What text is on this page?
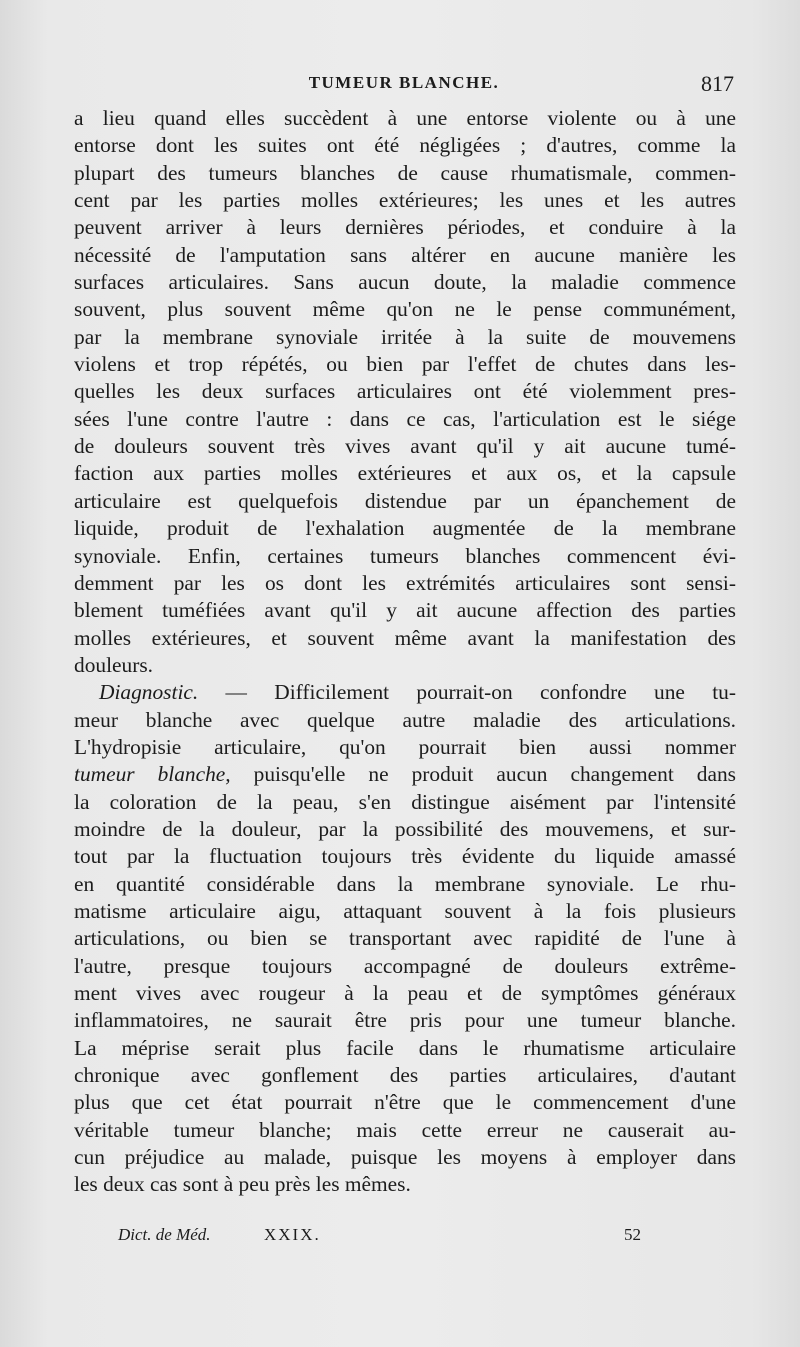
TUMEUR BLANCHE.	817
a lieu quand elles succèdent à une entorse violente ou à une
entorse dont les suites ont été négligées ; d'autres, comme la
plupart des tumeurs blanches de cause rhumatismale, commen-
cent par les parties molles extérieures; les unes et les autres
peuvent arriver à leurs dernières périodes, et conduire à la
nécessité de l'amputation sans altérer en aucune manière les
surfaces articulaires. Sans aucun doute, la maladie commence
souvent, plus souvent même qu'on ne le pense communément,
par la membrane synoviale irritée à la suite de mouvemens
violens et trop répétés, ou bien par l'effet de chutes dans les-
quelles les deux surfaces articulaires ont été violemment pres-
sées l'une contre l'autre : dans ce cas, l'articulation est le siége
de douleurs souvent très vives avant qu'il y ait aucune tumé-
faction aux parties molles extérieures et aux os, et la capsule
articulaire est quelquefois distendue par un épanchement de
liquide, produit de l'exhalation augmentée de la membrane
synoviale. Enfin, certaines tumeurs blanches commencent évi-
demment par les os dont les extrémités articulaires sont sensi-
blement tuméfiées avant qu'il y ait aucune affection des parties
molles extérieures, et souvent même avant la manifestation des
douleurs.
Diagnostic. — Difficilement pourrait-on confondre une tu-
meur blanche avec quelque autre maladie des articulations.
L'hydropisie articulaire, qu'on pourrait bien aussi nommer
tumeur blanche, puisqu'elle ne produit aucun changement dans
la coloration de la peau, s'en distingue aisément par l'intensité
moindre de la douleur, par la possibilité des mouvemens, et sur-
tout par la fluctuation toujours très évidente du liquide amassé
en quantité considérable dans la membrane synoviale. Le rhu-
matisme articulaire aigu, attaquant souvent à la fois plusieurs
articulations, ou bien se transportant avec rapidité de l'une à
l'autre, presque toujours accompagné de douleurs extrême-
ment vives avec rougeur à la peau et de symptômes généraux
inflammatoires, ne saurait être pris pour une tumeur blanche.
La méprise serait plus facile dans le rhumatisme articulaire
chronique avec gonflement des parties articulaires, d'autant
plus que cet état pourrait n'être que le commencement d'une
véritable tumeur blanche; mais cette erreur ne causerait au-
cun préjudice au malade, puisque les moyens à employer dans
les deux cas sont à peu près les mêmes.
Dict. de Méd.	XXIX.	52
